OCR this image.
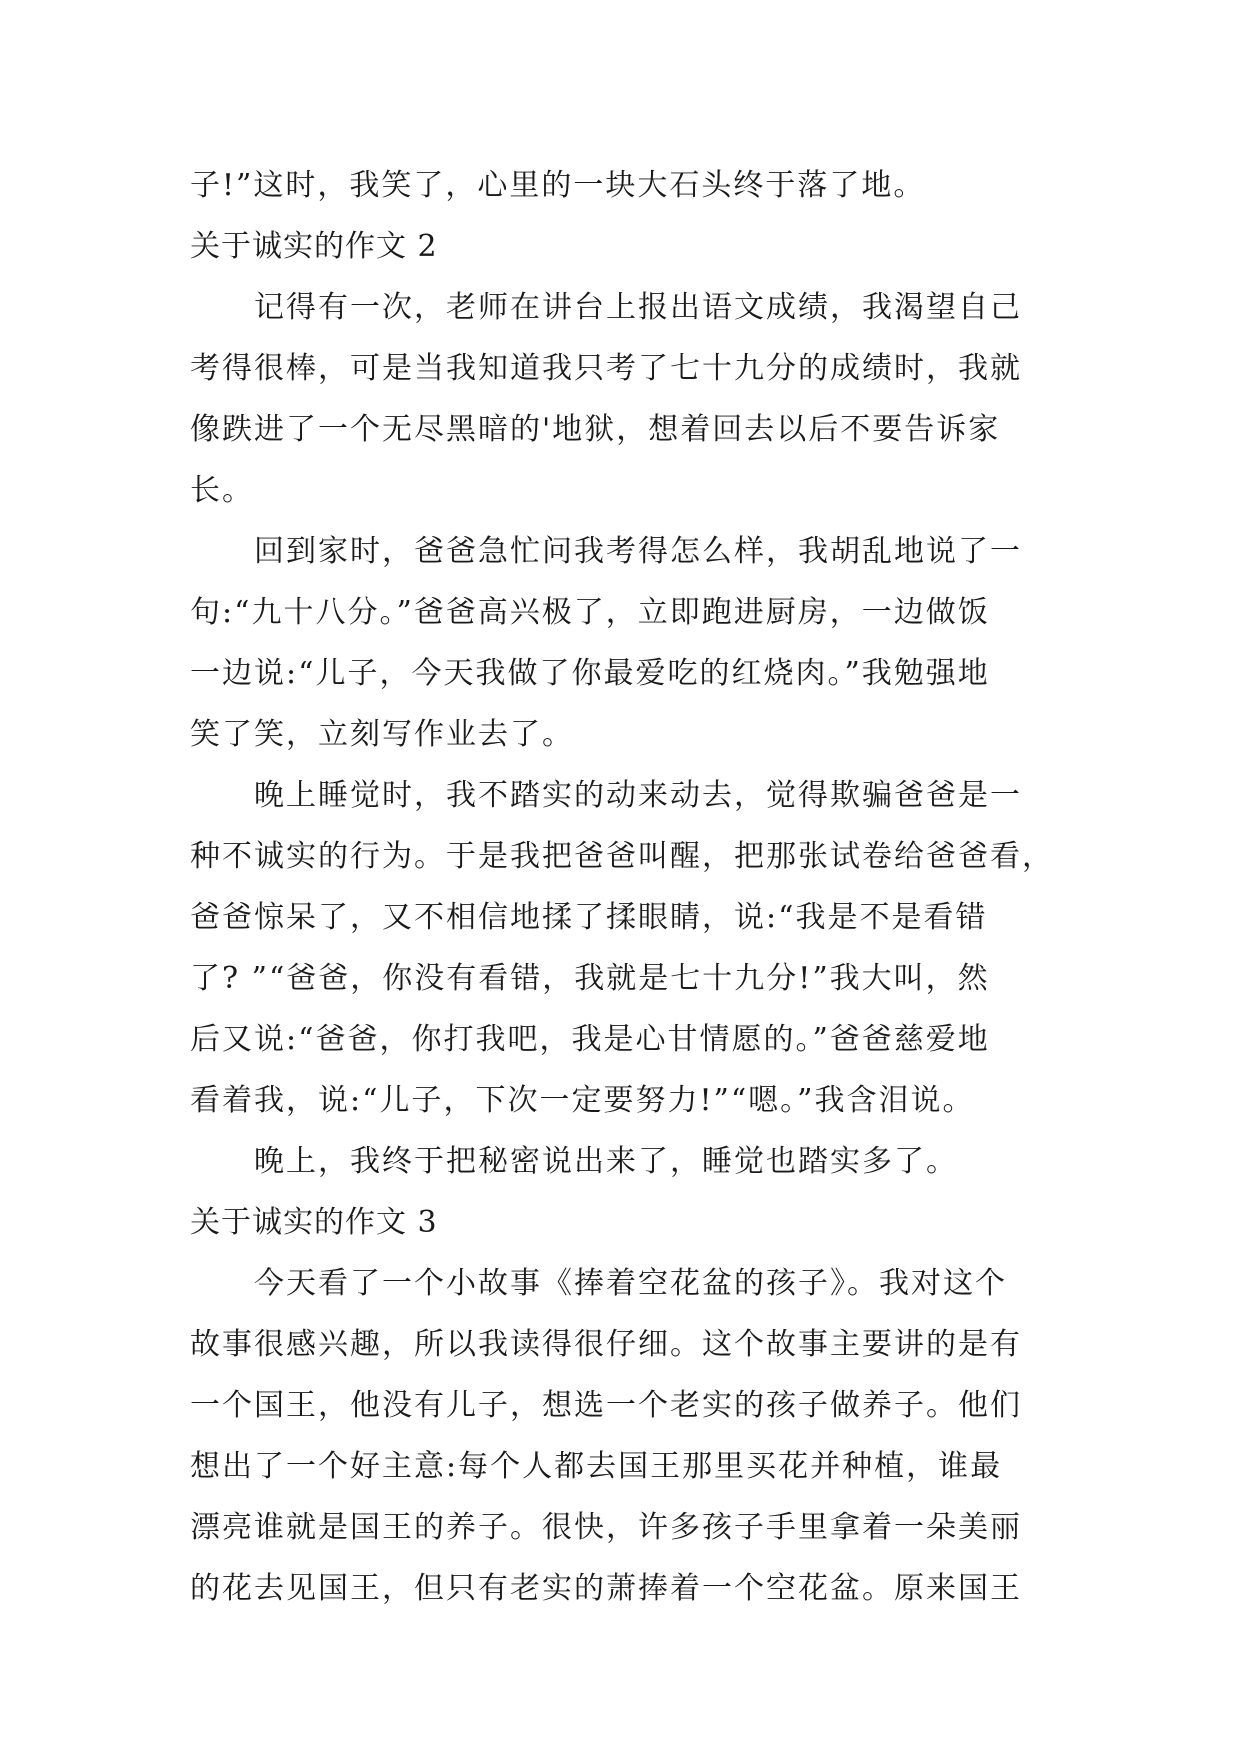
子!”这时，我笑了，心里的一块大石头终于落了地。
关于诚实的作文 2
记得有一次，老师在讲台上报出语文成绩，我渴望自己
考得很棒，可是当我知道我只考了七十九分的成绩时，我就
像跌进了一个无尽黑暗的'地狱，想着回去以后不要告诉家
长。
回到家时，爸爸急忙问我考得怎么样，我胡乱地说了一
句:“九十八分。”爸爸高兴极了，立即跑进厨房，一边做饭
一边说:“儿子，今天我做了你最爱吃的红烧肉。”我勉强地
笑了笑，立刻写作业去了。
晚上睡觉时，我不踏实的动来动去，觉得欺骗爸爸是一
种不诚实的行为。于是我把爸爸叫醒，把那张试卷给爸爸看，
爸爸惊呆了，又不相信地揉了揉眼睛，说:“我是不是看错
了? ”“爸爸，你没有看错，我就是七十九分!”我大叫，然
后又说:“爸爸，你打我吧，我是心甘情愿的。”爸爸慈爱地
看着我，说:“儿子，下次一定要努力!”“嗯。”我含泪说。
晚上，我终于把秘密说出来了，睡觉也踏实多了。
关于诚实的作文 3
今天看了一个小故事《捧着空花盆的孩子》。我对这个
故事很感兴趣，所以我读得很仔细。这个故事主要讲的是有
一个国王，他没有儿子，想选一个老实的孩子做养子。他们
想出了一个好主意:每个人都去国王那里买花并种植，谁最
漂亮谁就是国王的养子。很快，许多孩子手里拿着一朵美丽
的花去见国王，但只有老实的萧捧着一个空花盆。原来国王
